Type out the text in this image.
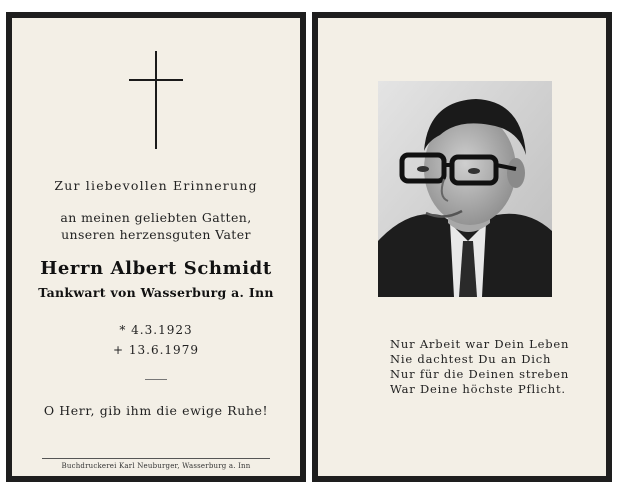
Zur liebevollen Erinnerung
an meinen geliebten Gatten,
unseren herzensguten Vater
Herrn Albert Schmidt
Tankwart von Wasserburg a. Inn
* 4.3.1923
+ 13.6.1979
O Herr, gib ihm die ewige Ruhe!
Buchdruckerei Karl Neuburger, Wasserburg a. Inn
Nur Arbeit war Dein Leben
Nie dachtest Du an Dich
Nur für die Deinen streben
War Deine höchste Pflicht.
